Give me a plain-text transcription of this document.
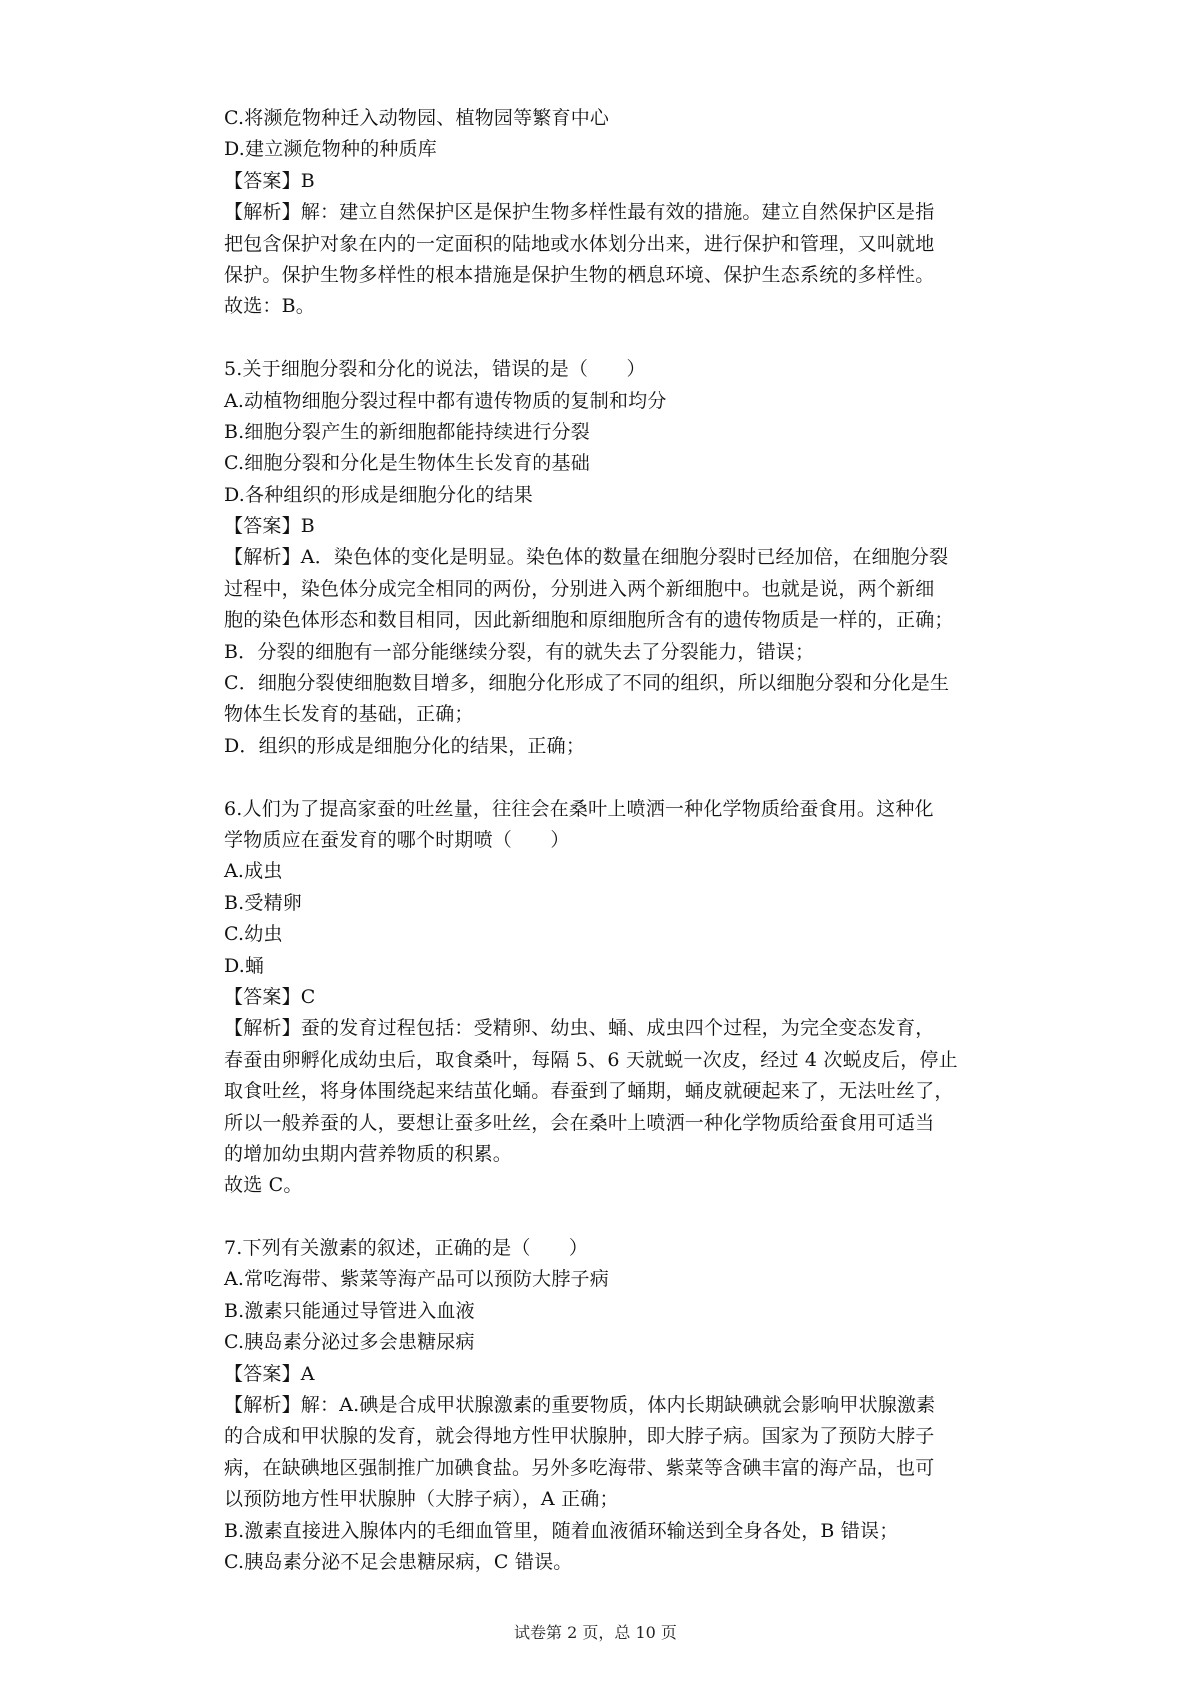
C.将濒危物种迁入动物园、植物园等繁育中心
D.建立濒危物种的种质库
【答案】B
【解析】解：建立自然保护区是保护生物多样性最有效的措施。建立自然保护区是指
把包含保护对象在内的一定面积的陆地或水体划分出来，进行保护和管理，又叫就地
保护。保护生物多样性的根本措施是保护生物的栖息环境、保护生态系统的多样性。
故选：B。
5.关于细胞分裂和分化的说法，错误的是（　　）
A.动植物细胞分裂过程中都有遗传物质的复制和均分
B.细胞分裂产生的新细胞都能持续进行分裂
C.细胞分裂和分化是生物体生长发育的基础
D.各种组织的形成是细胞分化的结果
【答案】B
【解析】A．染色体的变化是明显。染色体的数量在细胞分裂时已经加倍，在细胞分裂
过程中，染色体分成完全相同的两份，分别进入两个新细胞中。也就是说，两个新细
胞的染色体形态和数目相同，因此新细胞和原细胞所含有的遗传物质是一样的，正确；
B．分裂的细胞有一部分能继续分裂，有的就失去了分裂能力，错误；
C．细胞分裂使细胞数目增多，细胞分化形成了不同的组织，所以细胞分裂和分化是生
物体生长发育的基础，正确；
D．组织的形成是细胞分化的结果，正确；
6.人们为了提高家蚕的吐丝量，往往会在桑叶上喷洒一种化学物质给蚕食用。这种化
学物质应在蚕发育的哪个时期喷（　　）
A.成虫
B.受精卵
C.幼虫
D.蛹
【答案】C
【解析】蚕的发育过程包括：受精卵、幼虫、蛹、成虫四个过程，为完全变态发育，
春蚕由卵孵化成幼虫后，取食桑叶，每隔 5、6 天就蜕一次皮，经过 4 次蜕皮后，停止
取食吐丝，将身体围绕起来结茧化蛹。春蚕到了蛹期，蛹皮就硬起来了，无法吐丝了，
所以一般养蚕的人，要想让蚕多吐丝，会在桑叶上喷洒一种化学物质给蚕食用可适当
的增加幼虫期内营养物质的积累。
故选 C。
7.下列有关激素的叙述，正确的是（　　）
A.常吃海带、紫菜等海产品可以预防大脖子病
B.激素只能通过导管进入血液
C.胰岛素分泌过多会患糖尿病
【答案】A
【解析】解：A.碘是合成甲状腺激素的重要物质，体内长期缺碘就会影响甲状腺激素
的合成和甲状腺的发育，就会得地方性甲状腺肿，即大脖子病。国家为了预防大脖子
病，在缺碘地区强制推广加碘食盐。另外多吃海带、紫菜等含碘丰富的海产品，也可
以预防地方性甲状腺肿（大脖子病），A 正确；
B.激素直接进入腺体内的毛细血管里，随着血液循环输送到全身各处，B 错误；
C.胰岛素分泌不足会患糖尿病，C 错误。
试卷第 2 页，总 10 页
